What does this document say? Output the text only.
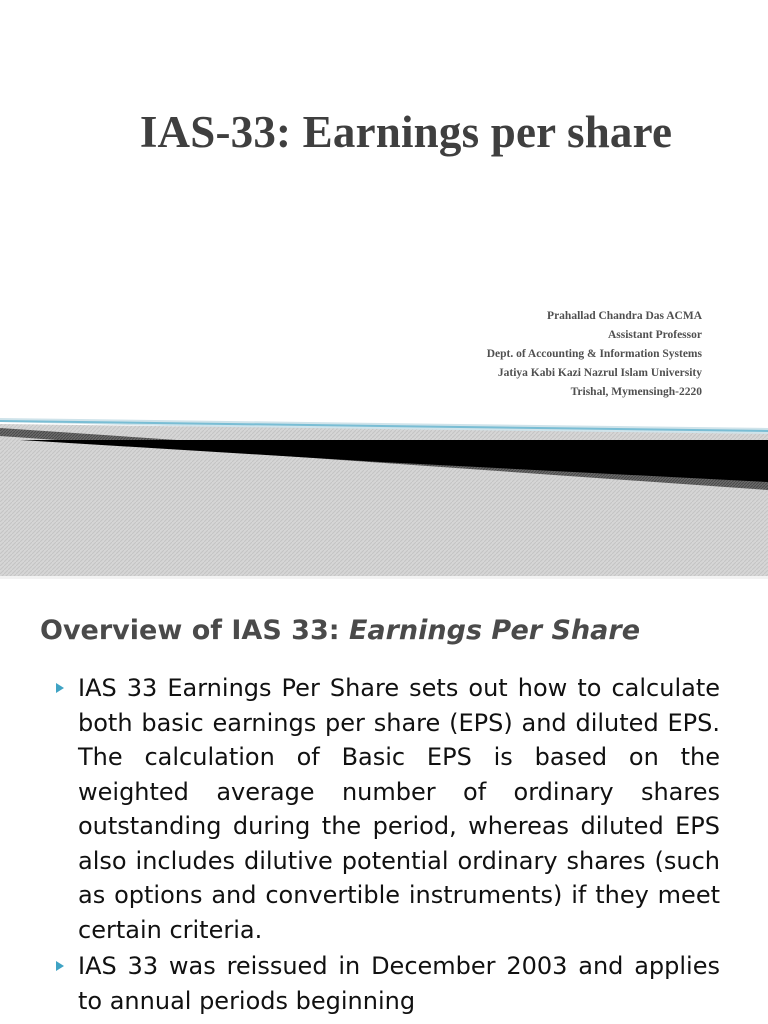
IAS-33: Earnings per share
Prahallad Chandra Das ACMA
Assistant Professor
Dept. of Accounting & Information Systems
Jatiya Kabi Kazi Nazrul Islam University
Trishal, Mymensingh-2220
Overview of IAS 33: Earnings Per Share
IAS 33 Earnings Per Share sets out how to calculate both basic earnings per share (EPS) and diluted EPS. The calculation of Basic EPS is based on the weighted average number of ordinary shares outstanding during the period, whereas diluted EPS also includes dilutive potential ordinary shares (such as options and convertible instruments) if they meet certain criteria.
IAS 33 was reissued in December 2003 and applies to annual periods beginning
